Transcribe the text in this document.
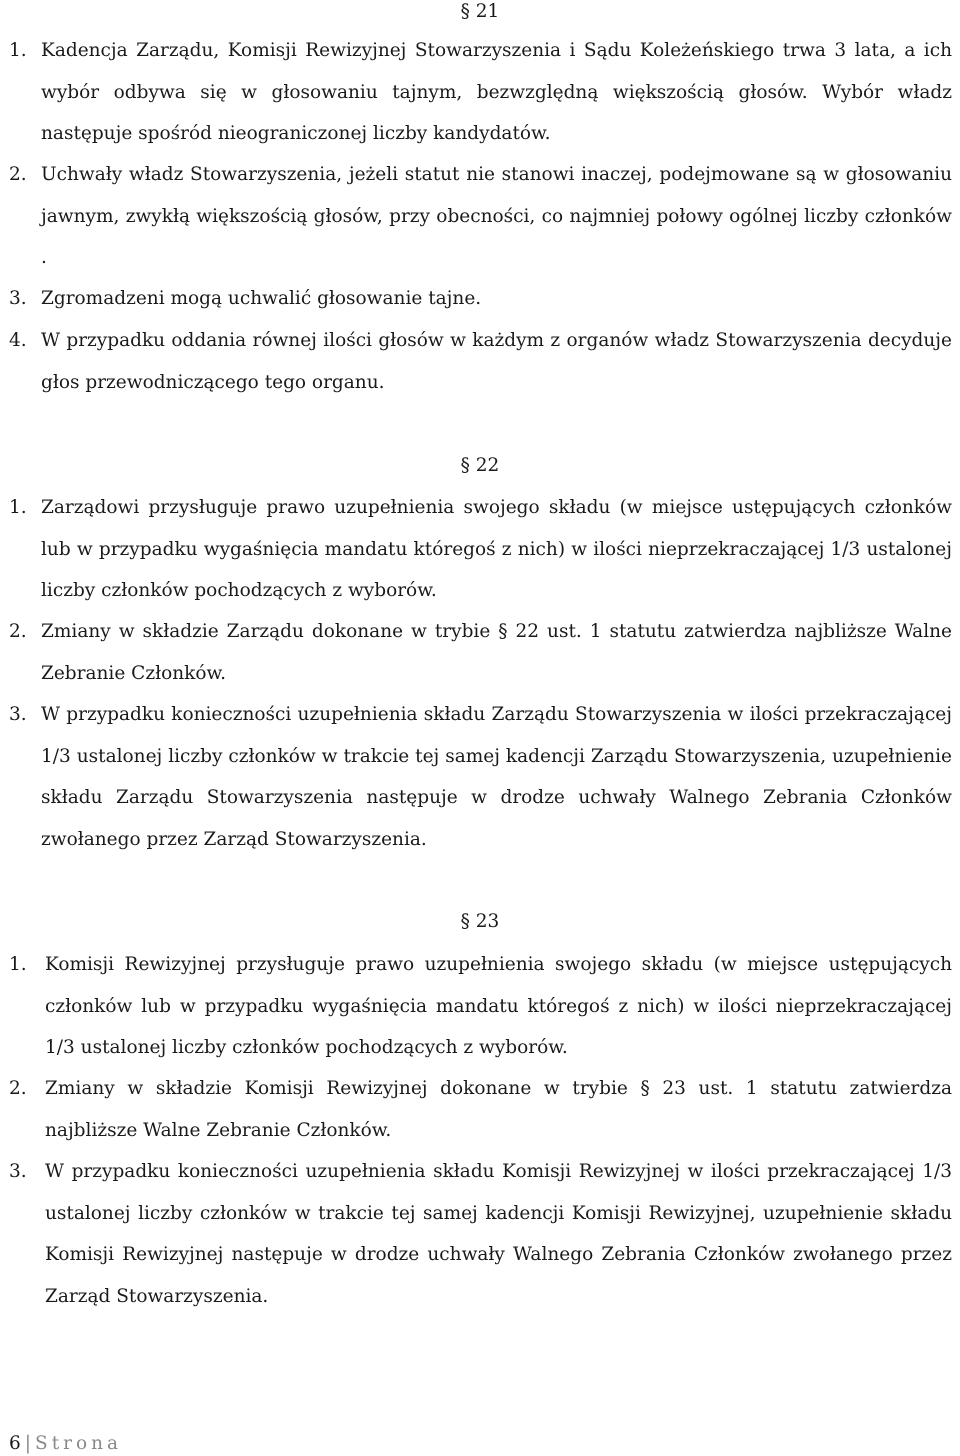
§ 21
1. Kadencja Zarządu, Komisji Rewizyjnej Stowarzyszenia i Sądu Koleżeńskiego trwa 3 lata, a ich wybór odbywa się w głosowaniu tajnym, bezwzględną większością głosów. Wybór władz następuje spośród nieograniczonej liczby kandydatów.
2. Uchwały władz Stowarzyszenia, jeżeli statut nie stanowi inaczej, podejmowane są w głosowaniu jawnym, zwykłą większością głosów, przy obecności, co najmniej połowy ogólnej liczby członków .
3. Zgromadzeni mogą uchwalić głosowanie tajne.
4. W przypadku oddania równej ilości głosów w każdym z organów władz Stowarzyszenia decyduje głos przewodniczącego tego organu.
§ 22
1. Zarządowi przysługuje prawo uzupełnienia swojego składu (w miejsce ustępujących członków lub w przypadku wygaśnięcia mandatu któregoś z nich) w ilości nieprzekraczającej 1/3 ustalonej liczby członków pochodzących z wyborów.
2. Zmiany w składzie Zarządu dokonane w trybie § 22 ust. 1 statutu zatwierdza najbliższe Walne Zebranie Członków.
3. W przypadku konieczności uzupełnienia składu Zarządu Stowarzyszenia w ilości przekraczającej 1/3 ustalonej liczby członków w trakcie tej samej kadencji Zarządu Stowarzyszenia, uzupełnienie składu Zarządu Stowarzyszenia następuje w drodze uchwały Walnego Zebrania Członków zwołanego przez Zarząd Stowarzyszenia.
§ 23
1. Komisji Rewizyjnej przysługuje prawo uzupełnienia swojego składu (w miejsce ustępujących członków lub w przypadku wygaśnięcia mandatu któregoś z nich) w ilości nieprzekraczającej 1/3 ustalonej liczby członków pochodzących z wyborów.
2. Zmiany w składzie Komisji Rewizyjnej dokonane w trybie § 23 ust. 1 statutu zatwierdza najbliższe Walne Zebranie Członków.
3. W przypadku konieczności uzupełnienia składu Komisji Rewizyjnej w ilości przekraczającej 1/3 ustalonej liczby członków w trakcie tej samej kadencji Komisji Rewizyjnej, uzupełnienie składu Komisji Rewizyjnej następuje w drodze uchwały Walnego Zebrania Członków zwołanego przez Zarząd Stowarzyszenia.
6 | Strona
